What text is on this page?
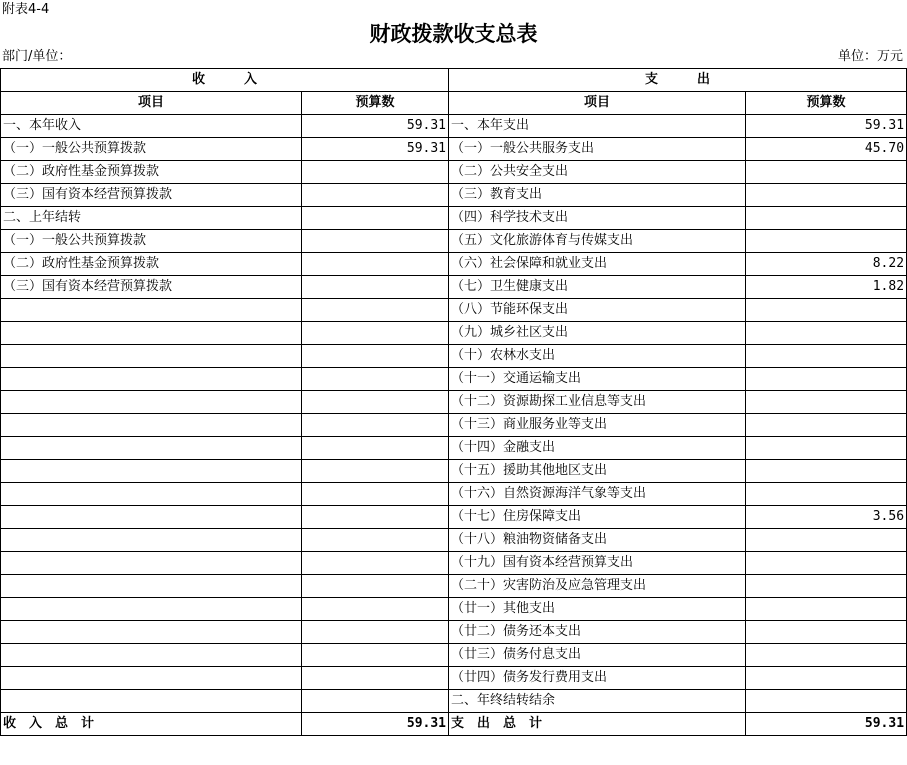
附表4-4
财政拨款收支总表
部门/单位：	单位：万元
收　　　入		支　　　出	
项目	预算数	项目	预算数
一、本年收入	59.31	一、本年支出	59.31
（一）一般公共预算拨款	59.31	（一）一般公共服务支出	45.70
（二）政府性基金预算拨款		（二）公共安全支出	
（三）国有资本经营预算拨款		（三）教育支出	
二、上年结转		（四）科学技术支出	
（一）一般公共预算拨款		（五）文化旅游体育与传媒支出	
（二）政府性基金预算拨款		（六）社会保障和就业支出	8.22
（三）国有资本经营预算拨款		（七）卫生健康支出	1.82
		（八）节能环保支出	
		（九）城乡社区支出	
		（十）农林水支出	
		（十一）交通运输支出	
		（十二）资源勘探工业信息等支出	
		（十三）商业服务业等支出	
		（十四）金融支出	
		（十五）援助其他地区支出	
		（十六）自然资源海洋气象等支出	
		（十七）住房保障支出	3.56
		（十八）粮油物资储备支出	
		（十九）国有资本经营预算支出	
		（二十）灾害防治及应急管理支出	
		（廿一）其他支出	
		（廿二）债务还本支出	
		（廿三）债务付息支出	
		（廿四）债务发行费用支出	
		二、年终结转结余	
收　入　总　计	59.31	支　出　总　计	59.31
